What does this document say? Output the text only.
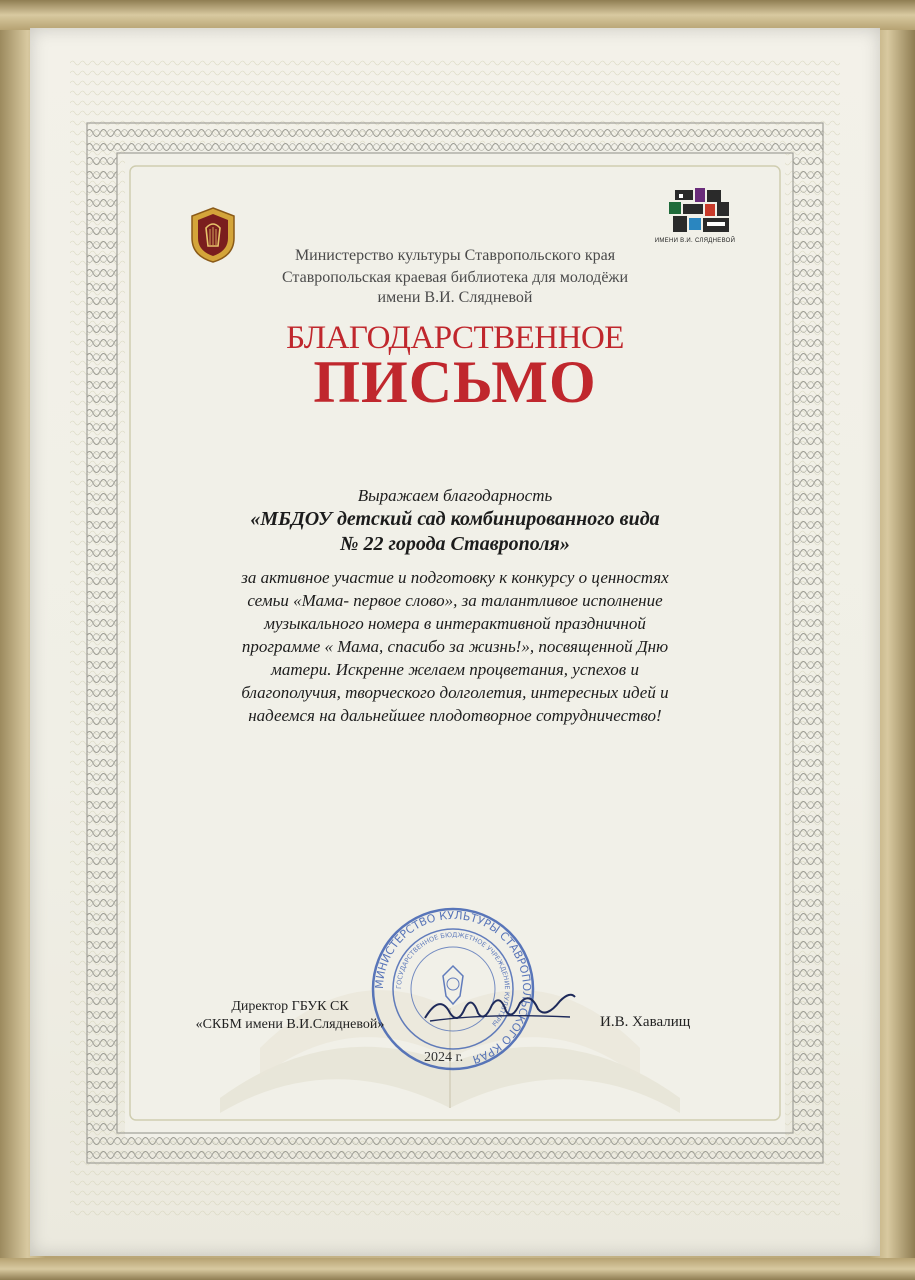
ИМЕНИ В.И. СЛЯДНЕВОЙ
Министерство культуры Ставропольского края
Ставропольская краевая библиотека для молодёжи
имени В.И. Слядневой
БЛАГОДАРСТВЕННОЕ
ПИСЬМО
Выражаем благодарность
«МБДОУ детский сад комбинированного вида
№ 22 города Ставрополя»
за активное участие и подготовку к конкурсу о ценностях
семьи «Мама- первое слово», за талантливое исполнение
музыкального номера в интерактивной праздничной
программе « Мама, спасибо за жизнь!», посвященной Дню
матери. Искренне желаем процветания, успехов и
благополучия, творческого долголетия, интересных идей и
надеемся на дальнейшее плодотворное сотрудничество!
МИНИСТЕРСТВО КУЛЬТУРЫ СТАВРОПОЛЬСКОГО КРАЯ
ГОСУДАРСТВЕННОЕ БЮДЖЕТНОЕ УЧРЕЖДЕНИЕ КУЛЬТУРЫ
Директор ГБУК СК
«СКБМ имени В.И.Слядневой»	И.В. Хавалищ
2024 г.
